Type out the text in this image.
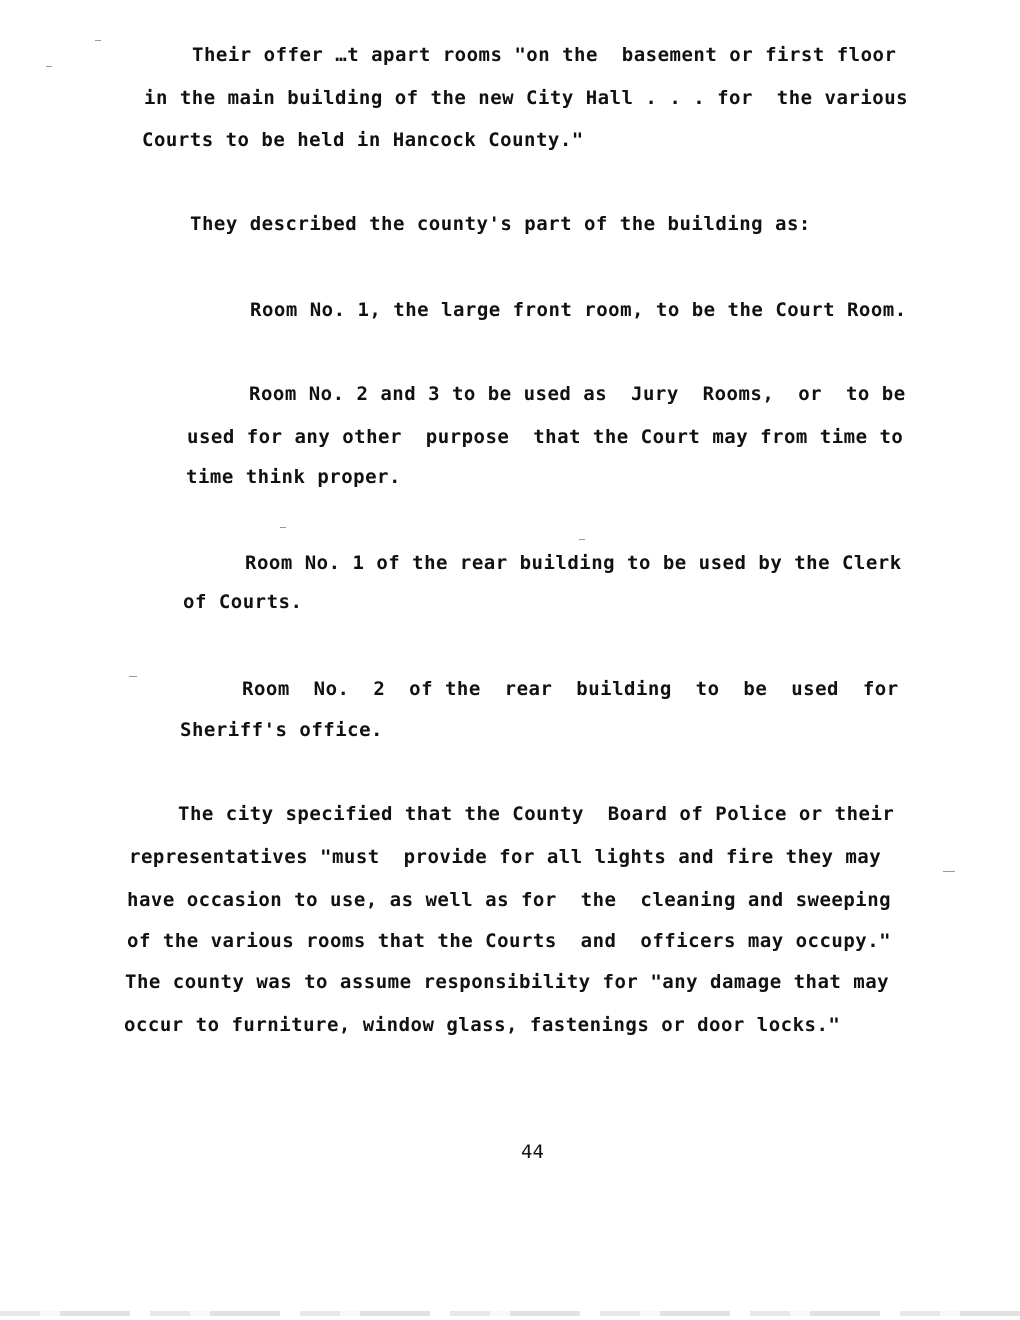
Their offer …t apart rooms "on the  basement or first floor
in the main building of the new City Hall . . . for  the various
Courts to be held in Hancock County."
They described the county's part of the building as:
Room No. 1, the large front room, to be the Court Room.
Room No. 2 and 3 to be used as  Jury  Rooms,  or  to be
used for any other  purpose  that the Court may from time to
time think proper.
Room No. 1 of the rear building to be used by the Clerk
of Courts.
Room  No.  2  of the  rear  building  to  be  used  for
Sheriff's office.
The city specified that the County  Board of Police or their
representatives "must  provide for all lights and fire they may
have occasion to use, as well as for  the  cleaning and sweeping
of the various rooms that the Courts  and  officers may occupy."
The county was to assume responsibility for "any damage that may
occur to furniture, window glass, fastenings or door locks."
44
